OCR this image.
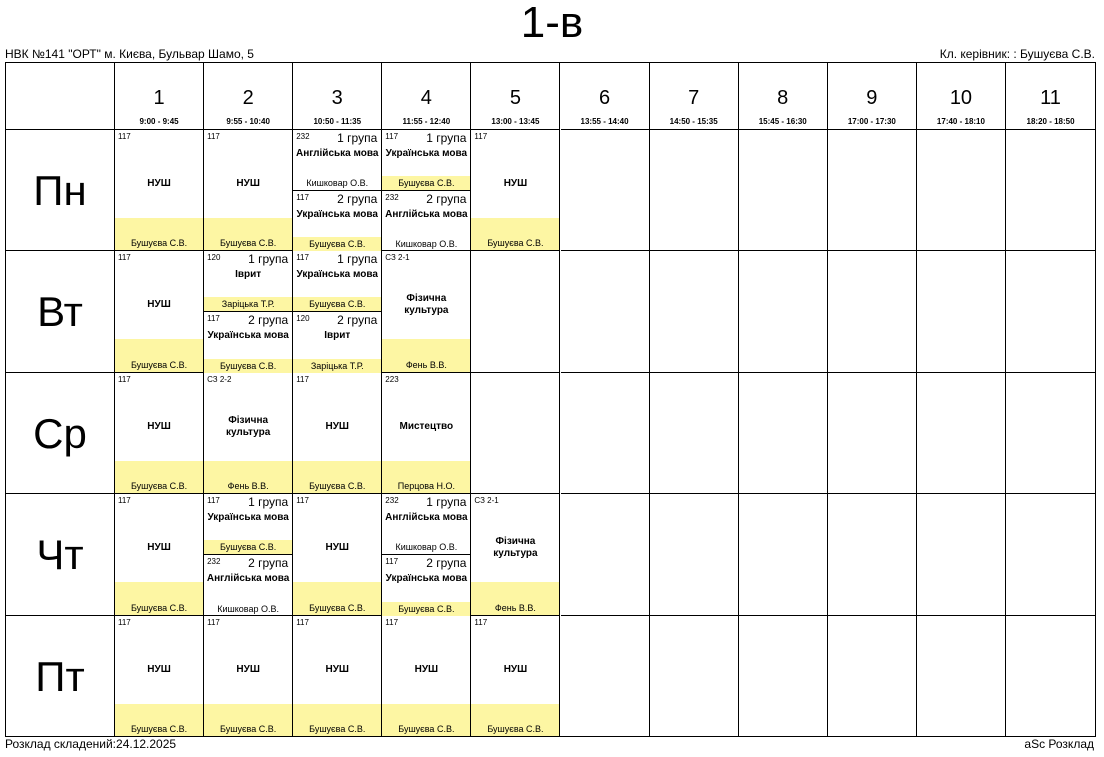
1-в
НВК №141 "ОРТ" м. Києва, Бульвар Шамо, 5	Кл. керівник: : Бушуєва С.В.
1
9:00 - 9:45
2
9:55 - 10:40
3
10:50 - 11:35
4
11:55 - 12:40
5
13:00 - 13:45
6
13:55 - 14:40
7
14:50 - 15:35
8
15:45 - 16:30
9
17:00 - 17:30
10
17:40 - 18:10
11
18:20 - 18:50
Пн
117
НУШ
Бушуєва С.В.
117
НУШ
Бушуєва С.В.
232 1 група
Англійська мова
Кишковар О.В.
117 2 група
Українська мова
Бушуєва С.В.
117 1 група
Українська мова
Бушуєва С.В.
232 2 група
Англійська мова
Кишковар О.В.
117
НУШ
Бушуєва С.В.
Вт
117
НУШ
Бушуєва С.В.
120 1 група
Іврит
Заріцька Т.Р.
117 2 група
Українська мова
Бушуєва С.В.
117 1 група
Українська мова
Бушуєва С.В.
120 2 група
Іврит
Заріцька Т.Р.
СЗ 2-1
Фізична культура
Фень В.В.
Ср
117
НУШ
Бушуєва С.В.
СЗ 2-2
Фізична культура
Фень В.В.
117
НУШ
Бушуєва С.В.
223
Мистецтво
Перцова Н.О.
Чт
117
НУШ
Бушуєва С.В.
117 1 група
Українська мова
Бушуєва С.В.
232 2 група
Англійська мова
Кишковар О.В.
117
НУШ
Бушуєва С.В.
232 1 група
Англійська мова
Кишковар О.В.
117 2 група
Українська мова
Бушуєва С.В.
СЗ 2-1
Фізична культура
Фень В.В.
Пт
117
НУШ
Бушуєва С.В.
117
НУШ
Бушуєва С.В.
117
НУШ
Бушуєва С.В.
117
НУШ
Бушуєва С.В.
117
НУШ
Бушуєва С.В.
Розклад складений:24.12.2025	aSc Розклад
